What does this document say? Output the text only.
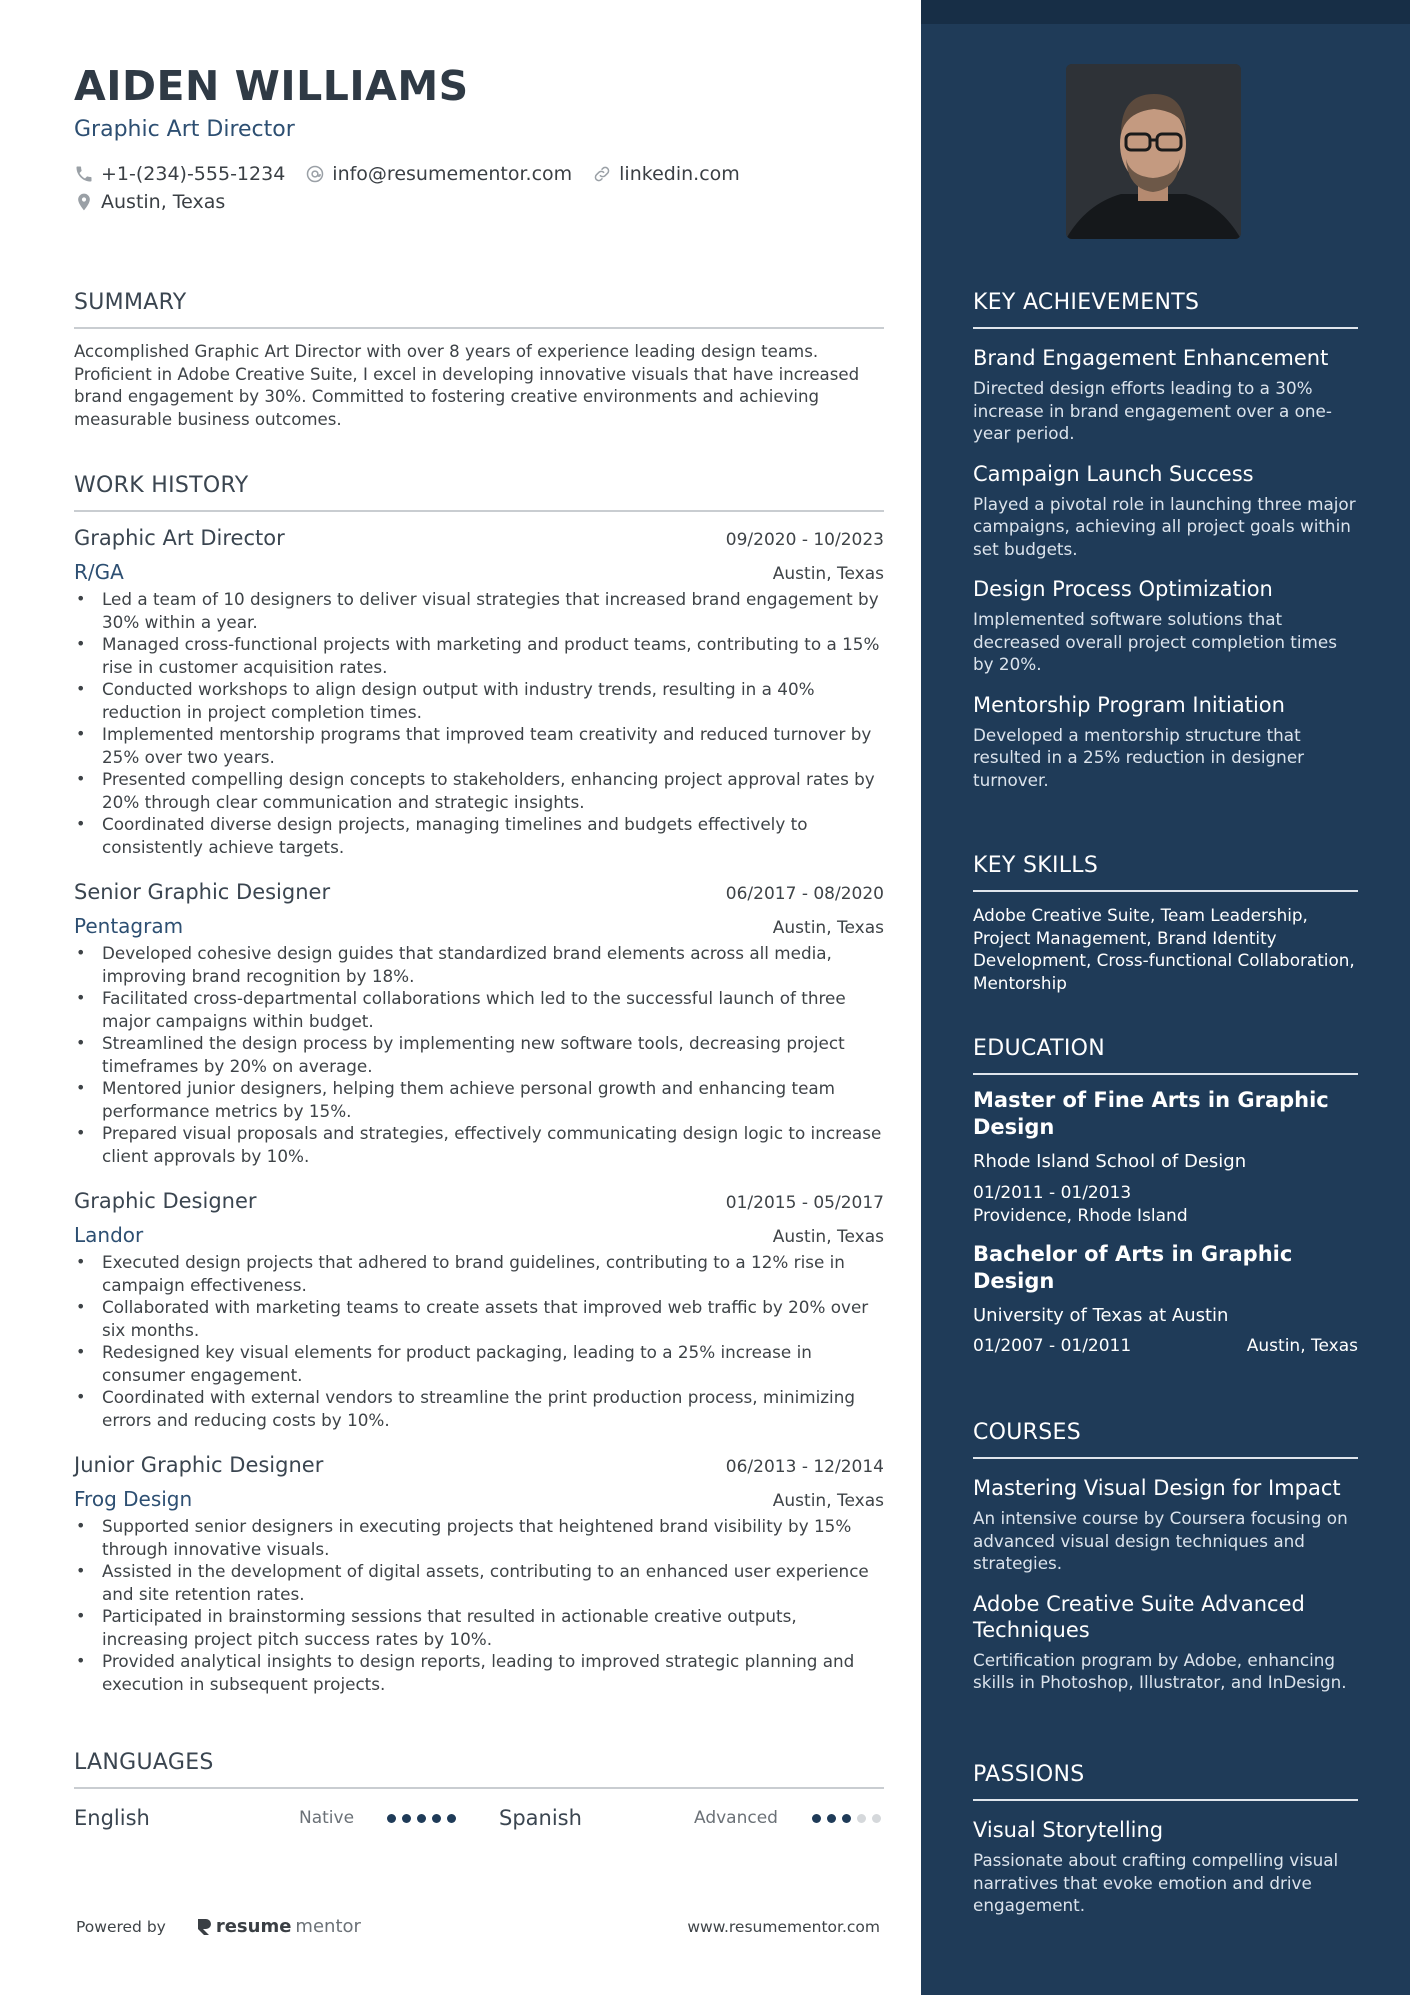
AIDEN WILLIAMS
Graphic Art Director
+1-(234)-555-1234 info@resumementor.com linkedin.com
Austin, Texas
SUMMARY
Accomplished Graphic Art Director with over 8 years of experience leading design teams. Proficient in Adobe Creative Suite, I excel in developing innovative visuals that have increased brand engagement by 30%. Committed to fostering creative environments and achieving measurable business outcomes.
WORK HISTORY
Graphic Art Director	09/2020 - 10/2023
R/GA	Austin, Texas
• Led a team of 10 designers to deliver visual strategies that increased brand engagement by 30% within a year.
• Managed cross-functional projects with marketing and product teams, contributing to a 15% rise in customer acquisition rates.
• Conducted workshops to align design output with industry trends, resulting in a 40% reduction in project completion times.
• Implemented mentorship programs that improved team creativity and reduced turnover by 25% over two years.
• Presented compelling design concepts to stakeholders, enhancing project approval rates by 20% through clear communication and strategic insights.
• Coordinated diverse design projects, managing timelines and budgets effectively to consistently achieve targets.
Senior Graphic Designer	06/2017 - 08/2020
Pentagram	Austin, Texas
• Developed cohesive design guides that standardized brand elements across all media, improving brand recognition by 18%.
• Facilitated cross-departmental collaborations which led to the successful launch of three major campaigns within budget.
• Streamlined the design process by implementing new software tools, decreasing project timeframes by 20% on average.
• Mentored junior designers, helping them achieve personal growth and enhancing team performance metrics by 15%.
• Prepared visual proposals and strategies, effectively communicating design logic to increase client approvals by 10%.
Graphic Designer	01/2015 - 05/2017
Landor	Austin, Texas
• Executed design projects that adhered to brand guidelines, contributing to a 12% rise in campaign effectiveness.
• Collaborated with marketing teams to create assets that improved web traffic by 20% over six months.
• Redesigned key visual elements for product packaging, leading to a 25% increase in consumer engagement.
• Coordinated with external vendors to streamline the print production process, minimizing errors and reducing costs by 10%.
Junior Graphic Designer	06/2013 - 12/2014
Frog Design	Austin, Texas
• Supported senior designers in executing projects that heightened brand visibility by 15% through innovative visuals.
• Assisted in the development of digital assets, contributing to an enhanced user experience and site retention rates.
• Participated in brainstorming sessions that resulted in actionable creative outputs, increasing project pitch success rates by 10%.
• Provided analytical insights to design reports, leading to improved strategic planning and execution in subsequent projects.
LANGUAGES
English	Native	Spanish	Advanced
Powered by	resume mentor	www.resumementor.com
KEY ACHIEVEMENTS
Brand Engagement Enhancement
Directed design efforts leading to a 30% increase in brand engagement over a one-year period.
Campaign Launch Success
Played a pivotal role in launching three major campaigns, achieving all project goals within set budgets.
Design Process Optimization
Implemented software solutions that decreased overall project completion times by 20%.
Mentorship Program Initiation
Developed a mentorship structure that resulted in a 25% reduction in designer turnover.
KEY SKILLS
Adobe Creative Suite, Team Leadership, Project Management, Brand Identity Development, Cross-functional Collaboration, Mentorship
EDUCATION
Master of Fine Arts in Graphic Design
Rhode Island School of Design
01/2011 - 01/2013
Providence, Rhode Island
Bachelor of Arts in Graphic Design
University of Texas at Austin
01/2007 - 01/2011	Austin, Texas
COURSES
Mastering Visual Design for Impact
An intensive course by Coursera focusing on advanced visual design techniques and strategies.
Adobe Creative Suite Advanced Techniques
Certification program by Adobe, enhancing skills in Photoshop, Illustrator, and InDesign.
PASSIONS
Visual Storytelling
Passionate about crafting compelling visual narratives that evoke emotion and drive engagement.
